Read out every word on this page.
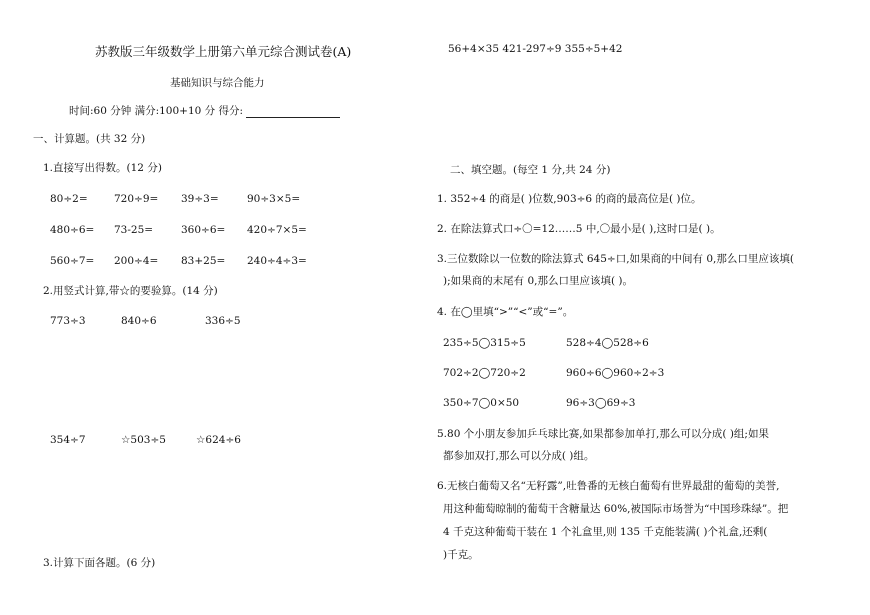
苏教版三年级数学上册第六单元综合测试卷(A)
基础知识与综合能力
时间:60 分钟 满分:100+10 分 得分:
56+4×35 421-297÷9 355÷5+42
一、计算题。(共 32 分)
1.直接写出得数。(12 分)
80÷2=	720÷9= 39÷3=	90÷3×5=
480÷6= 73-25=	360÷6= 420÷7×5=
560÷7= 200÷4= 83+25= 240÷4÷3=
2.用竖式计算,带☆的要验算。(14 分)
773÷3	840÷6	336÷5
354÷7	☆503÷5	☆624÷6
3.计算下面各题。(6 分)
二、填空题。(每空 1 分,共 24 分)
1. 352÷4 的商是( )位数,903÷6 的商的最高位是( )位。
2. 在除法算式口÷〇=12……5 中,〇最小是( ),这时口是( )。
3.三位数除以一位数的除法算式 645÷口,如果商的中间有 0,那么口里应该填(
);如果商的末尾有 0,那么口里应该填( )。
4. 在◯里填“>”“<”或“=”。
235÷5◯315÷5	528÷4◯528÷6
702÷2◯720÷2	960÷6◯960÷2÷3
350÷7◯0×50	96÷3◯69÷3
5.80 个小朋友参加乒乓球比赛,如果都参加单打,那么可以分成( )组;如果
都参加双打,那么可以分成( )组。
6.无核白葡萄又名“无籽露”,吐鲁番的无核白葡萄有世界最甜的葡萄的美誉,
用这种葡萄晾制的葡萄干含糖量达 60%,被国际市场誉为“中国珍珠绿”。把
4 千克这种葡萄干装在 1 个礼盒里,则 135 千克能装满( )个礼盒,还剩(
)千克。
